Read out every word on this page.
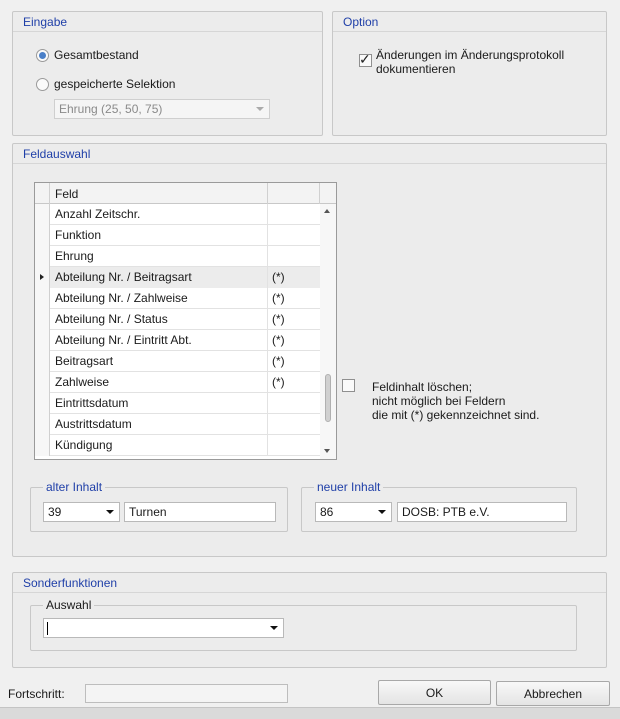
Eingabe
Gesamtbestand
gespeicherte Selektion
Ehrung (25, 50, 75)
Option
✓ Änderungen im Änderungsprotokoll
dokumentieren
Feldauswahl
Feld
Anzahl Zeitschr.
Funktion
Ehrung
Abteilung Nr. / Beitragsart	(*)
Abteilung Nr. / Zahlweise	(*)
Abteilung Nr. / Status	(*)
Abteilung Nr. / Eintritt Abt.	(*)
Beitragsart	(*)
Zahlweise	(*)
Eintrittsdatum
Austrittsdatum
Kündigung
Feldinhalt löschen;
nicht möglich bei Feldern
die mit (*) gekennzeichnet sind.
alter Inhalt
39	Turnen
neuer Inhalt
86	DOSB: PTB e.V.
Sonderfunktionen
Auswahl
Fortschritt:	OK	Abbrechen
